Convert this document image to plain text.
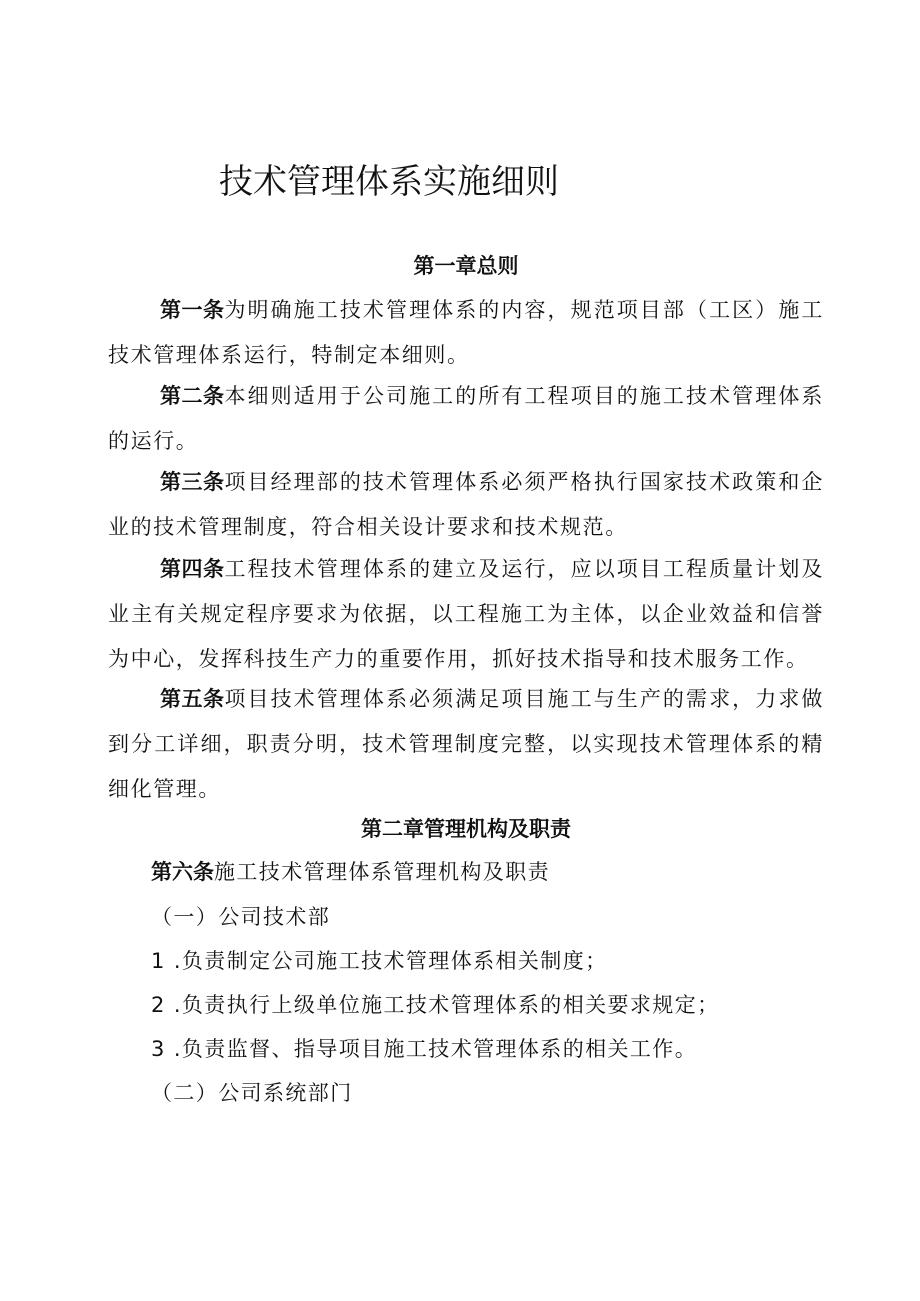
技术管理体系实施细则
第一章总则

第一条为明确施工技术管理体系的内容，规范项目部（工区）施工技术管理体系运行，特制定本细则。

第二条本细则适用于公司施工的所有工程项目的施工技术管理体系的运行。

第三条项目经理部的技术管理体系必须严格执行国家技术政策和企业的技术管理制度，符合相关设计要求和技术规范。

第四条工程技术管理体系的建立及运行，应以项目工程质量计划及业主有关规定程序要求为依据，以工程施工为主体，以企业效益和信誉为中心，发挥科技生产力的重要作用，抓好技术指导和技术服务工作。

第五条项目技术管理体系必须满足项目施工与生产的需求，力求做到分工详细，职责分明，技术管理制度完整，以实现技术管理体系的精细化管理。

第二章管理机构及职责

第六条施工技术管理体系管理机构及职责

（一）公司技术部

1 .负责制定公司施工技术管理体系相关制度；

2 .负责执行上级单位施工技术管理体系的相关要求规定；

3 .负责监督、指导项目施工技术管理体系的相关工作。

（二）公司系统部门
